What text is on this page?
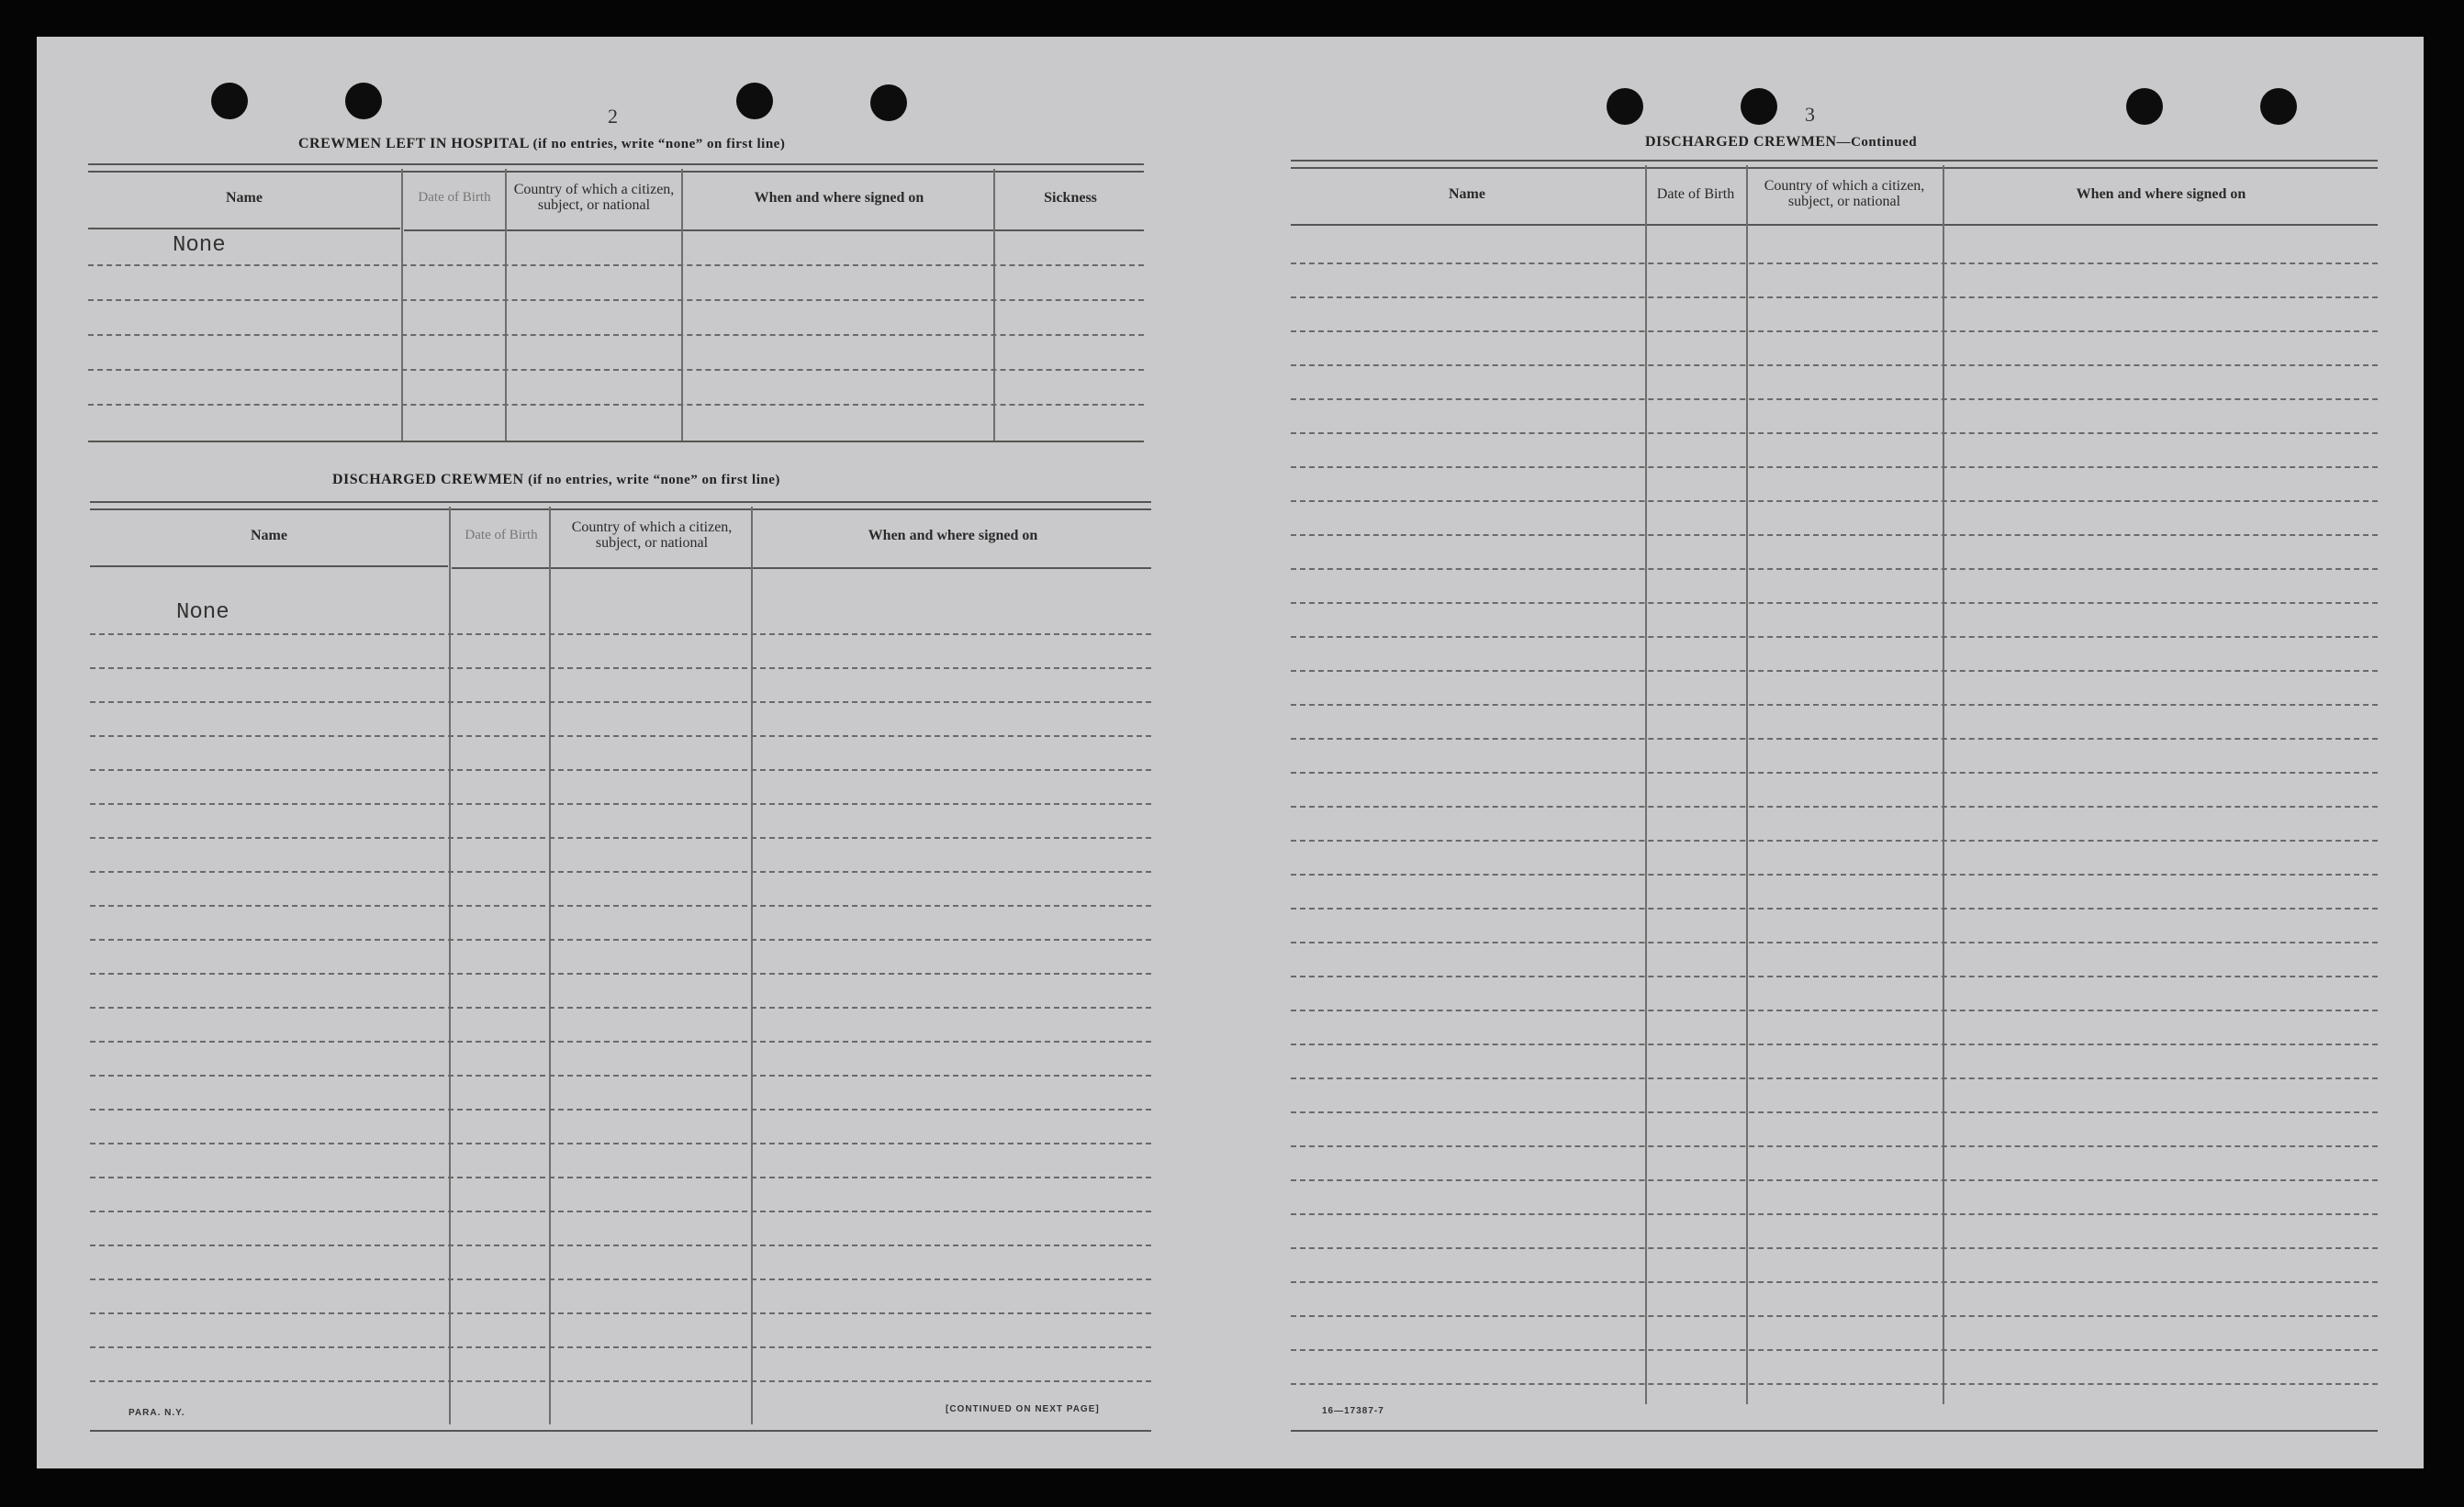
2
CREWMEN LEFT IN HOSPITAL (if no entries, write “none” on first line)
Name	Date of Birth	Country of which a citizen, subject, or national	When and where signed on	Sickness
None
DISCHARGED CREWMEN (if no entries, write “none” on first line)
Name	Date of Birth	Country of which a citizen, subject, or national	When and where signed on
None
PARA. N.Y.	[CONTINUED ON NEXT PAGE]
3
DISCHARGED CREWMEN—Continued
Name	Date of Birth	Country of which a citizen, subject, or national	When and where signed on
16—17387-7
